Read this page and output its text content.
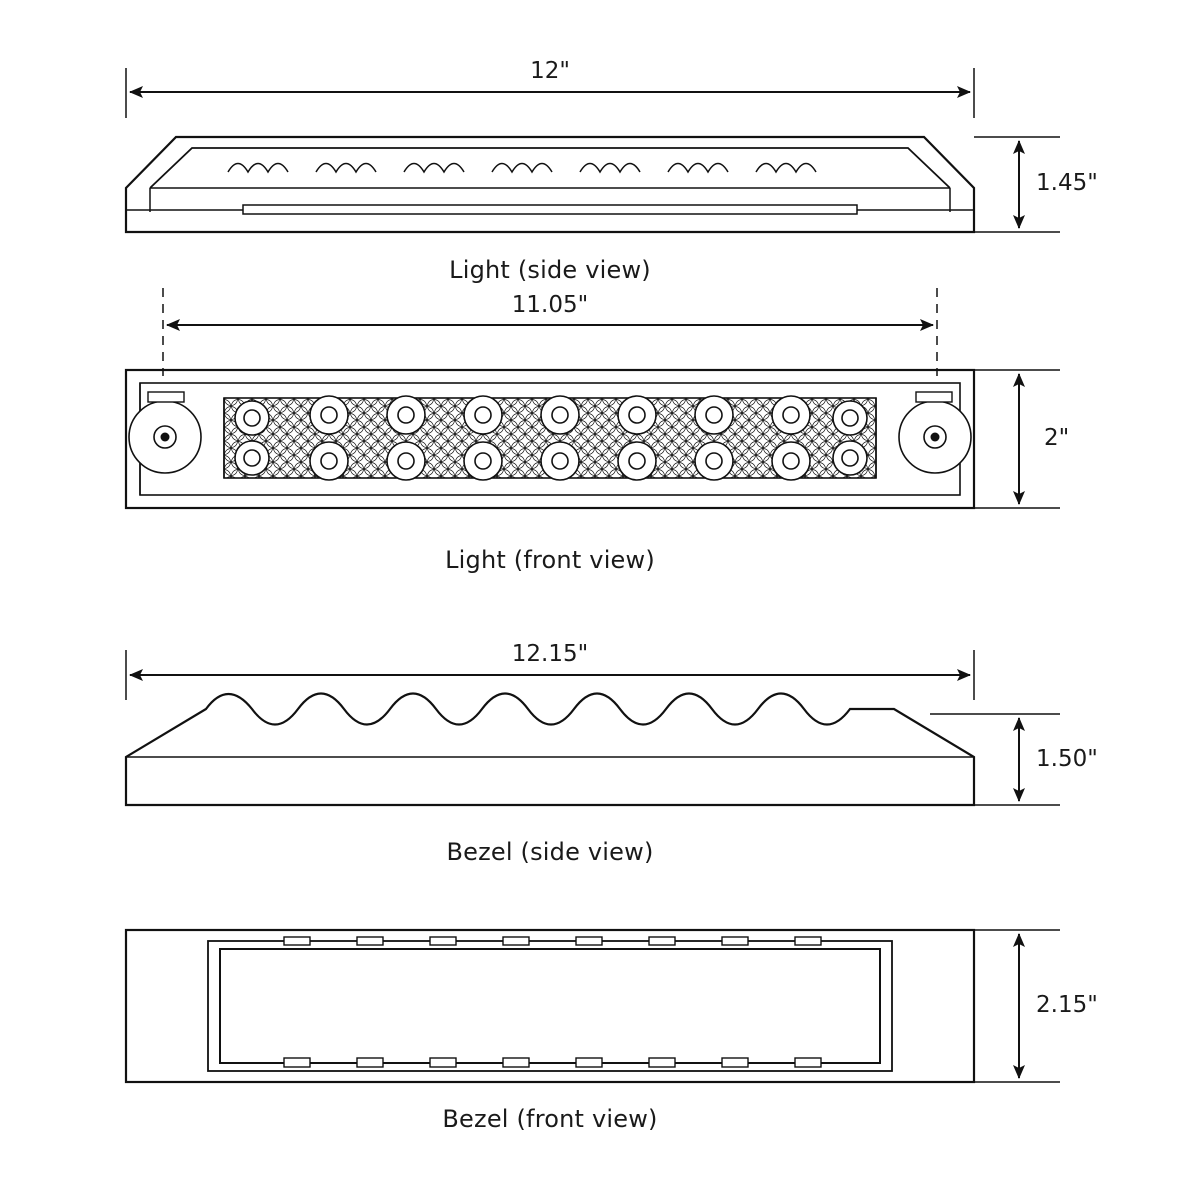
12"
1.45"
11.05"
2"
12.15"
1.50"
2.15"
Light (side view)
Light (front view)
Bezel (side view)
Bezel (front view)
